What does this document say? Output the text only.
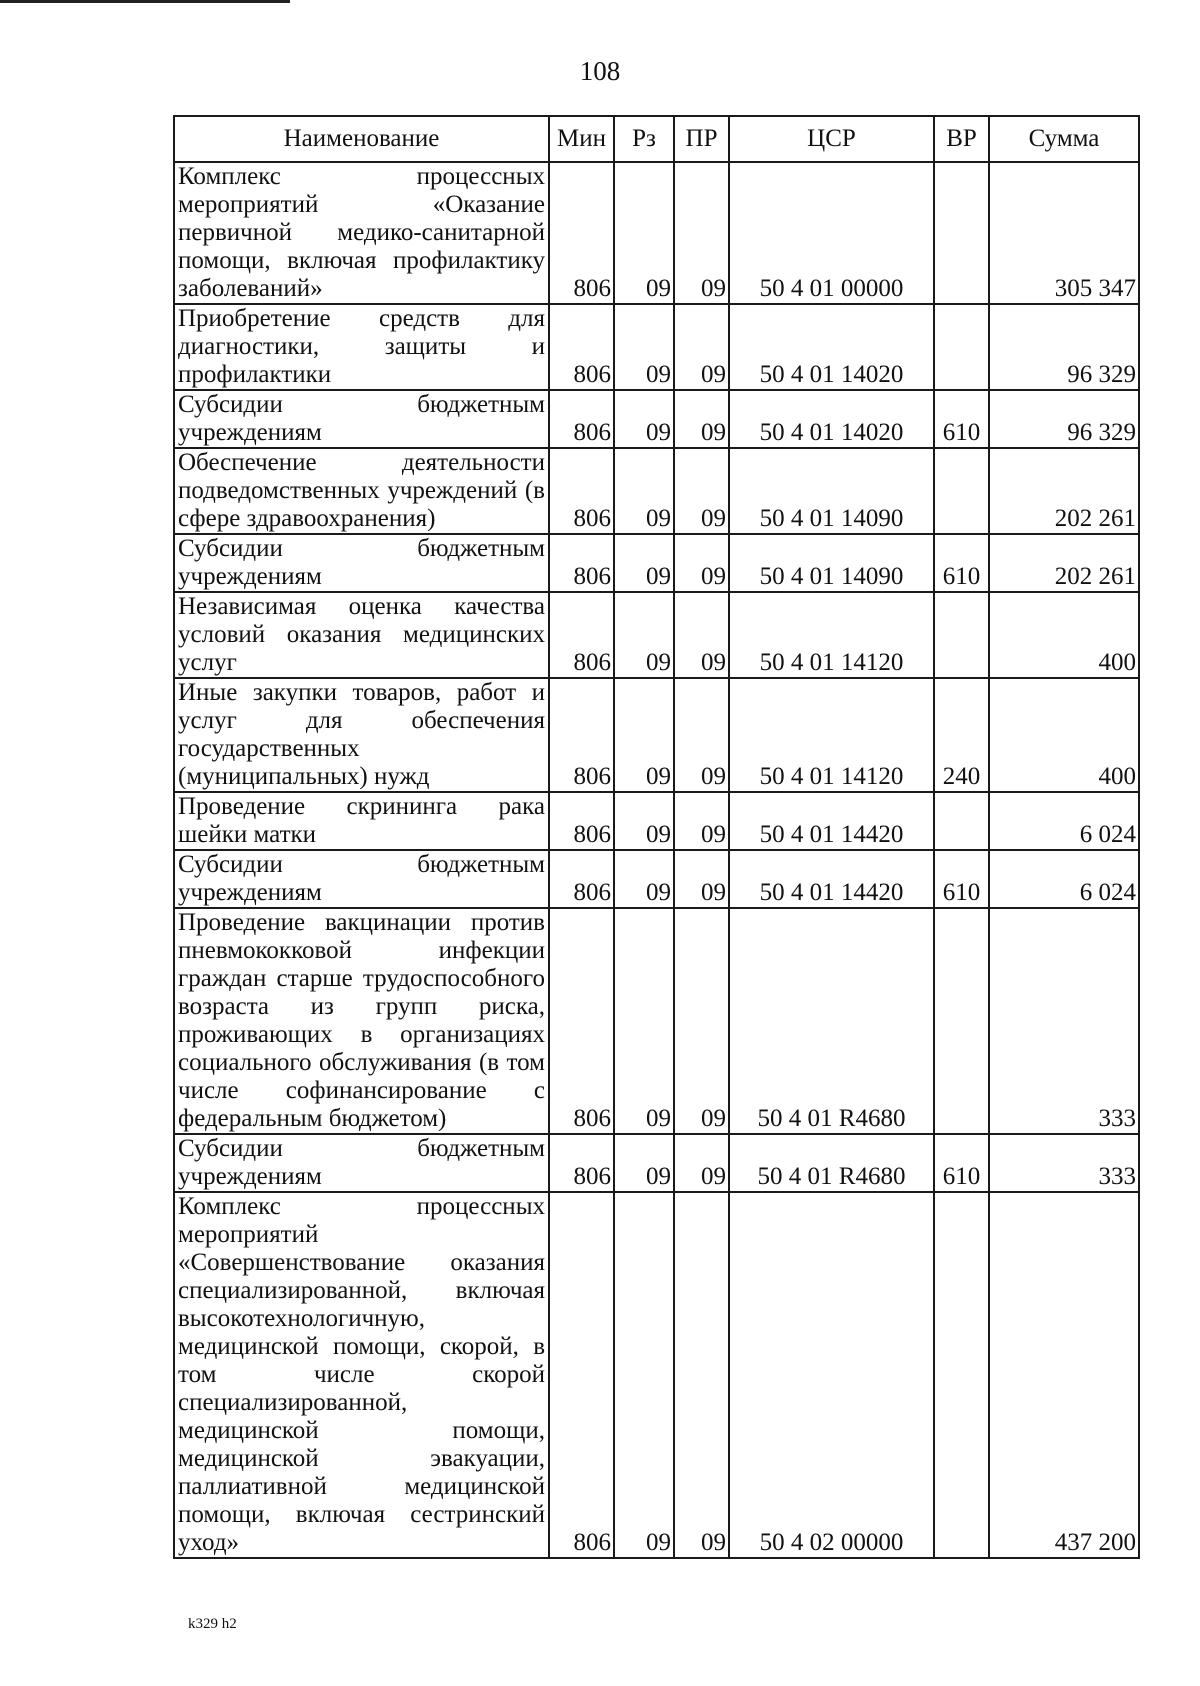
108
Наименование	Мин	Рз	ПР	ЦСР	ВР	Сумма
Комплекс процессных мероприятий «Оказание первичной медико-санитарной помощи, включая профилактику заболеваний»	806	09	09	50 4 01 00000		305 347
Приобретение средств для диагностики, защиты и профилактики	806	09	09	50 4 01 14020		96 329
Субсидии бюджетным учреждениям	806	09	09	50 4 01 14020	610	96 329
Обеспечение деятельности подведомственных учреждений (в сфере здравоохранения)	806	09	09	50 4 01 14090		202 261
Субсидии бюджетным учреждениям	806	09	09	50 4 01 14090	610	202 261
Независимая оценка качества условий оказания медицинских услуг	806	09	09	50 4 01 14120		400
Иные закупки товаров, работ и услуг для обеспечения государственных (муниципальных) нужд	806	09	09	50 4 01 14120	240	400
Проведение скрининга рака шейки матки	806	09	09	50 4 01 14420		6 024
Субсидии бюджетным учреждениям	806	09	09	50 4 01 14420	610	6 024
Проведение вакцинации против пневмококковой инфекции граждан старше трудоспособного возраста из групп риска, проживающих в организациях социального обслуживания (в том числе софинансирование с федеральным бюджетом)	806	09	09	50 4 01 R4680		333
Субсидии бюджетным учреждениям	806	09	09	50 4 01 R4680	610	333
Комплекс процессных мероприятий «Совершенствование оказания специализированной, включая высокотехнологичную, медицинской помощи, скорой, в том числе скорой специализированной, медицинской помощи, медицинской эвакуации, паллиативной медицинской помощи, включая сестринский уход»	806	09	09	50 4 02 00000		437 200
k329 h2
